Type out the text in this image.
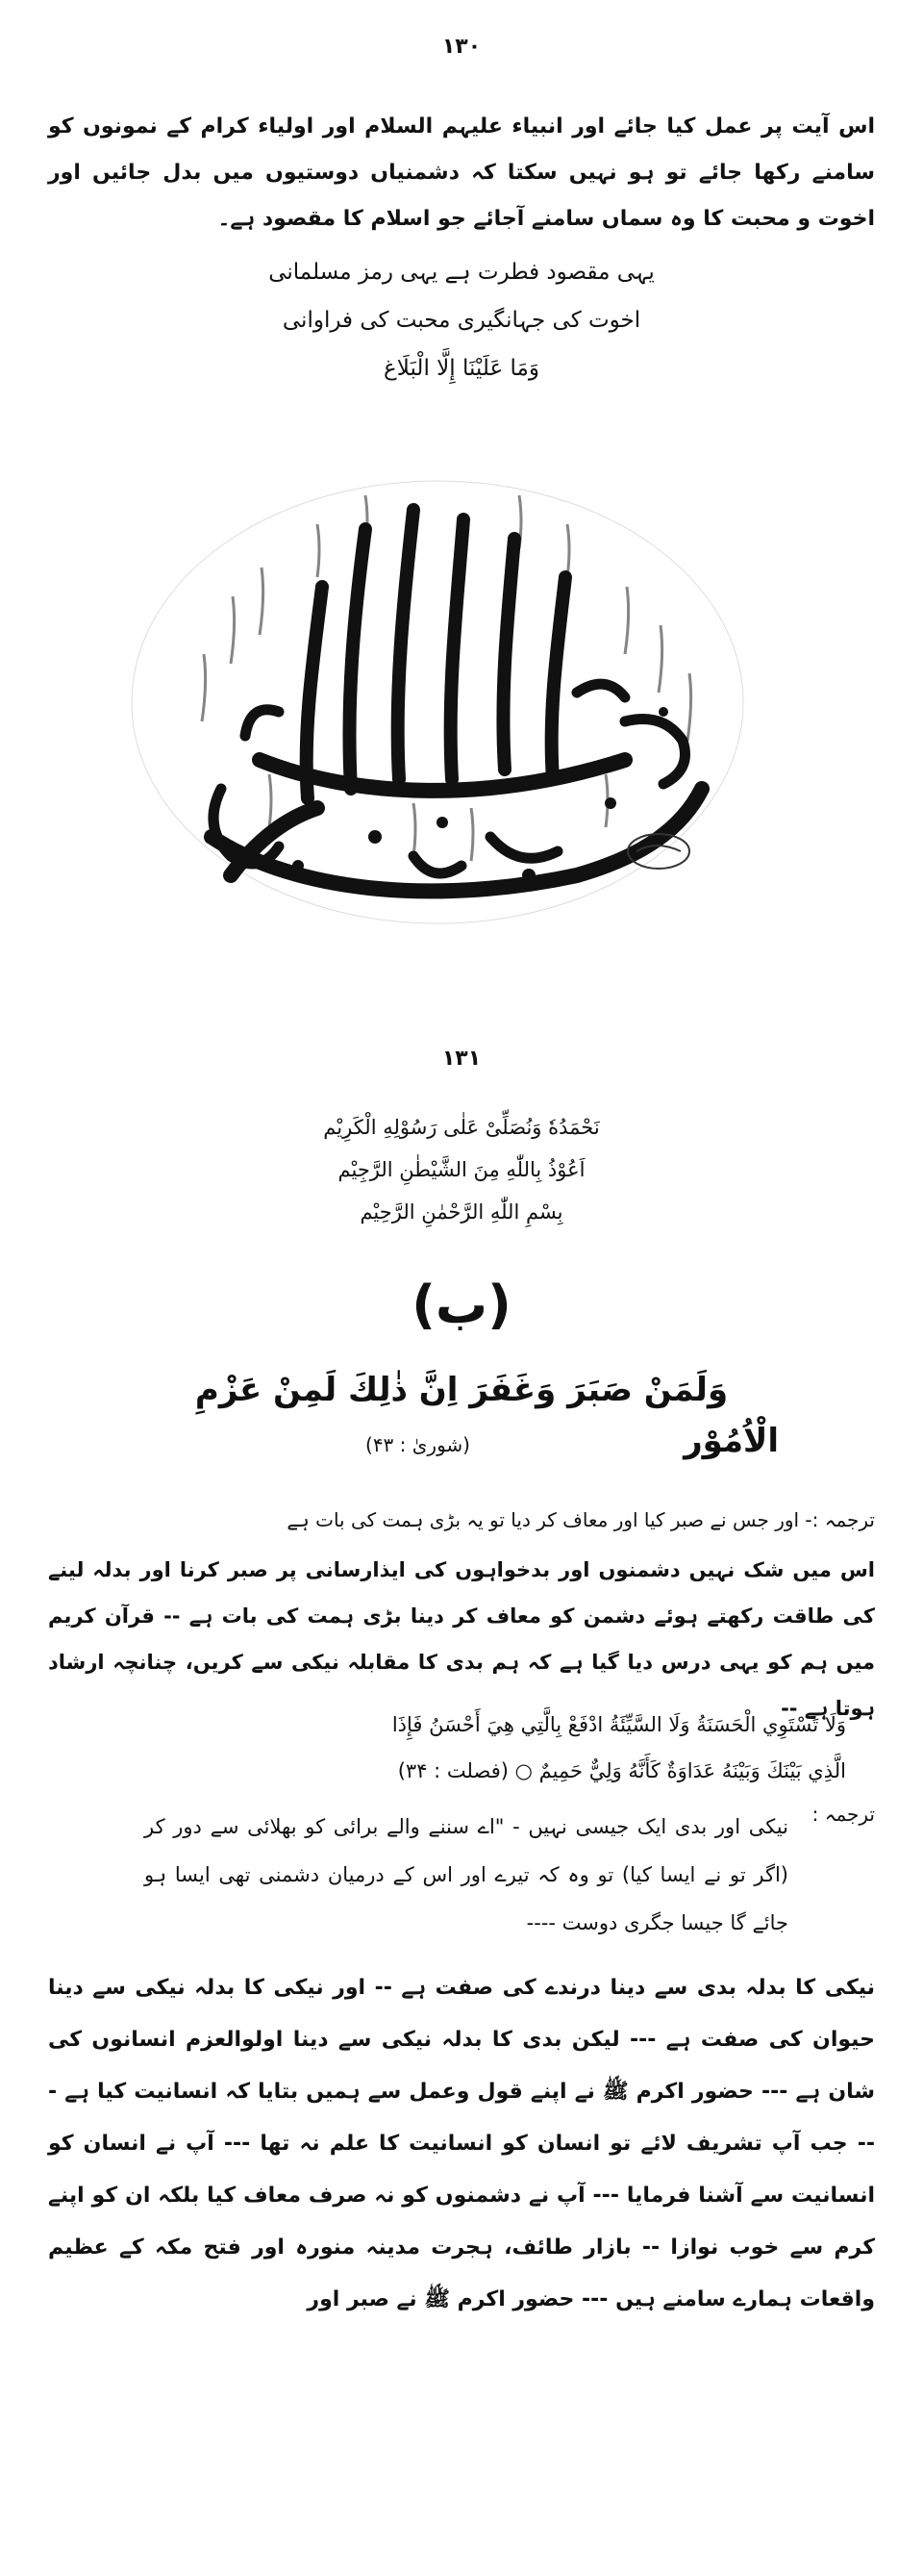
۱۳۰
اس آیت پر عمل کیا جائے اور انبیاء علیہم السلام اور اولیاء کرام کے نمونوں کو سامنے رکھا جائے تو ہو نہیں سکتا کہ دشمنیاں دوستیوں میں بدل جائیں اور اخوت و محبت کا وہ سماں سامنے آجائے جو اسلام کا مقصود ہے۔
یہی مقصود فطرت ہے یہی رمز مسلمانی
اخوت کی جہانگیری محبت کی فراوانی
وَمَا عَلَيْنَا إِلَّا الْبَلَاغ
۱۳۱
نَحْمَدُهٗ وَنُصَلِّیْ عَلٰی رَسُوْلِهِ الْکَرِیْم
اَعُوْذُ بِاللّٰهِ مِنَ الشَّیْطٰنِ الرَّجِیْم
بِسْمِ اللّٰهِ الرَّحْمٰنِ الرَّحِیْم
(ب)
وَلَمَنْ صَبَرَ وَغَفَرَ اِنَّ ذٰلِكَ لَمِنْ عَزْمِ
الْاُمُوْر
(شوریٰ : ۴۳)
ترجمہ :- اور جس نے صبر کیا اور معاف کر دیا تو یہ بڑی ہمت کی بات ہے
اس میں شک نہیں دشمنوں اور بدخواہوں کی ایذارسانی پر صبر کرنا اور بدلہ لینے کی طاقت رکھتے ہوئے دشمن کو معاف کر دینا بڑی ہمت کی بات ہے -- قرآن کریم میں ہم کو یہی درس دیا گیا ہے کہ ہم بدی کا مقابلہ نیکی سے کریں، چنانچہ ارشاد ہوتا ہے --
وَلَا تَسْتَوِي الْحَسَنَةُ وَلَا السَّيِّئَةُ ادْفَعْ بِالَّتِي هِيَ أَحْسَنُ فَإِذَا
الَّذِي بَيْنَكَ وَبَيْنَهُ عَدَاوَةٌ كَأَنَّهُ وَلِيٌّ حَمِيمٌ ○ (فصلت : ۳۴)
ترجمہ :
نیکی اور بدی ایک جیسی نہیں - "اے سننے والے برائی کو بھلائی سے دور کر (اگر تو نے ایسا کیا) تو وہ کہ تیرے اور اس کے درمیان دشمنی تھی ایسا ہو جائے گا جیسا جگری دوست ----
نیکی کا بدلہ بدی سے دینا درندے کی صفت ہے -- اور نیکی کا بدلہ نیکی سے دینا حیوان کی صفت ہے --- لیکن بدی کا بدلہ نیکی سے دینا اولوالعزم انسانوں کی شان ہے --- حضور اکرم ﷺ نے اپنے قول وعمل سے ہمیں بتایا کہ انسانیت کیا ہے --- جب آپ تشریف لائے تو انسان کو انسانیت کا علم نہ تھا --- آپ نے انسان کو انسانیت سے آشنا فرمایا --- آپ نے دشمنوں کو نہ صرف معاف کیا بلکہ ان کو اپنے کرم سے خوب نوازا -- بازار طائف، ہجرت مدینہ منورہ اور فتح مکہ کے عظیم واقعات ہمارے سامنے ہیں --- حضور اکرم ﷺ نے صبر اور
